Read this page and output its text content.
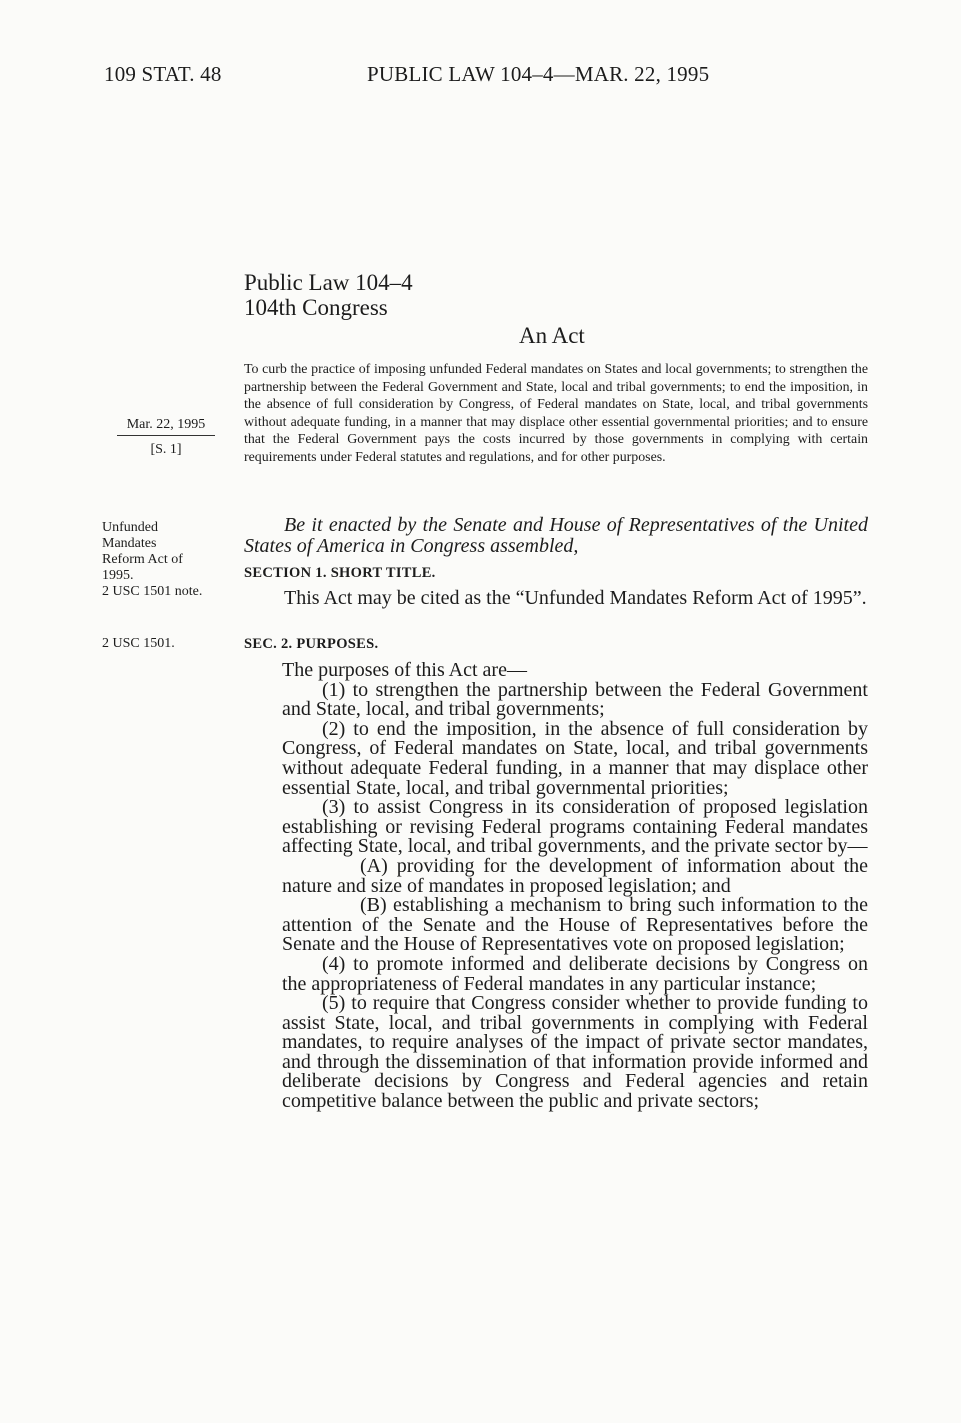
109 STAT. 48	PUBLIC LAW 104–4—MAR. 22, 1995
Public Law 104–4
104th Congress
An Act
To curb the practice of imposing unfunded Federal mandates on States and local governments; to strengthen the partnership between the Federal Government and State, local and tribal governments; to end the imposition, in the absence of full consideration by Congress, of Federal mandates on State, local, and tribal governments without adequate funding, in a manner that may displace other essential governmental priorities; and to ensure that the Federal Government pays the costs incurred by those governments in complying with certain requirements under Federal statutes and regulations, and for other purposes.
Mar. 22, 1995
[S. 1]
Unfunded Mandates Reform Act of 1995.
2 USC 1501 note.
2 USC 1501.
Be it enacted by the Senate and House of Representatives of the United States of America in Congress assembled,
SECTION 1. SHORT TITLE.
This Act may be cited as the “Unfunded Mandates Reform Act of 1995”.
SEC. 2. PURPOSES.

The purposes of this Act are—

(1) to strengthen the partnership between the Federal Government and State, local, and tribal governments;

(2) to end the imposition, in the absence of full consideration by Congress, of Federal mandates on State, local, and tribal governments without adequate Federal funding, in a manner that may displace other essential State, local, and tribal governmental priorities;

(3) to assist Congress in its consideration of proposed legislation establishing or revising Federal programs containing Federal mandates affecting State, local, and tribal governments, and the private sector by—

(A) providing for the development of information about the nature and size of mandates in proposed legislation; and

(B) establishing a mechanism to bring such information to the attention of the Senate and the House of Representatives before the Senate and the House of Representatives vote on proposed legislation;

(4) to promote informed and deliberate decisions by Congress on the appropriateness of Federal mandates in any particular instance;

(5) to require that Congress consider whether to provide funding to assist State, local, and tribal governments in complying with Federal mandates, to require analyses of the impact of private sector mandates, and through the dissemination of that information provide informed and deliberate decisions by Congress and Federal agencies and retain competitive balance between the public and private sectors;
